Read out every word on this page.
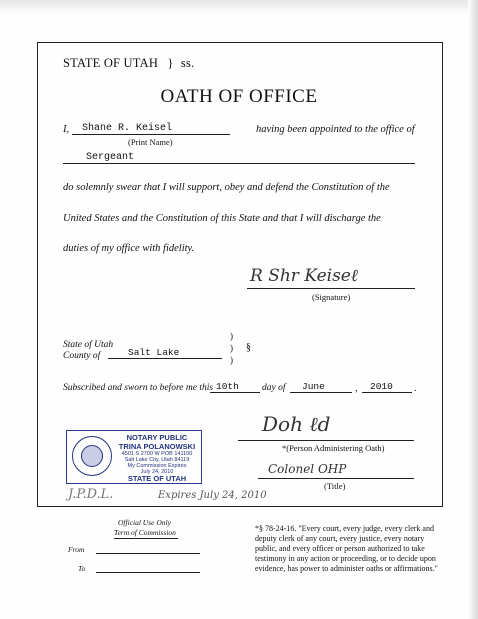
STATE OF UTAH } ss.
OATH OF OFFICE
I, Shane R. Keisel
(Print Name)
having been appointed to the office of
Sergeant
do solemnly swear that I will support, obey and defend the Constitution of the
United States and the Constitution of this State and that I will discharge the
duties of my office with fidelity.
R Shr Keiseℓ
(Signature)
State of Utah
County of	Salt Lake
)
)
)
§
Subscribed and sworn to before me this 10th day of June	, 2010 .
Doh ℓd
*(Person Administering Oath)
Colonel OHP
(Title)
NOTARY PUBLIC
TRINA POLANOWSKI
4501 S 2700 W POB 141100
Salt Lake City, Utah 84119
My Commission Expires
July 24, 2010
STATE OF UTAH
J.P.D.L.	Expires July 24, 2010
Official Use Only
Term of Commission
From
To
*§ 78-24-16. "Every court, every judge, every clerk and deputy clerk of any court, every justice, every notary public, and every officer or person authorized to take testimony in any action or proceeding, or to decide upon evidence, has power to administer oaths or affirmations."
